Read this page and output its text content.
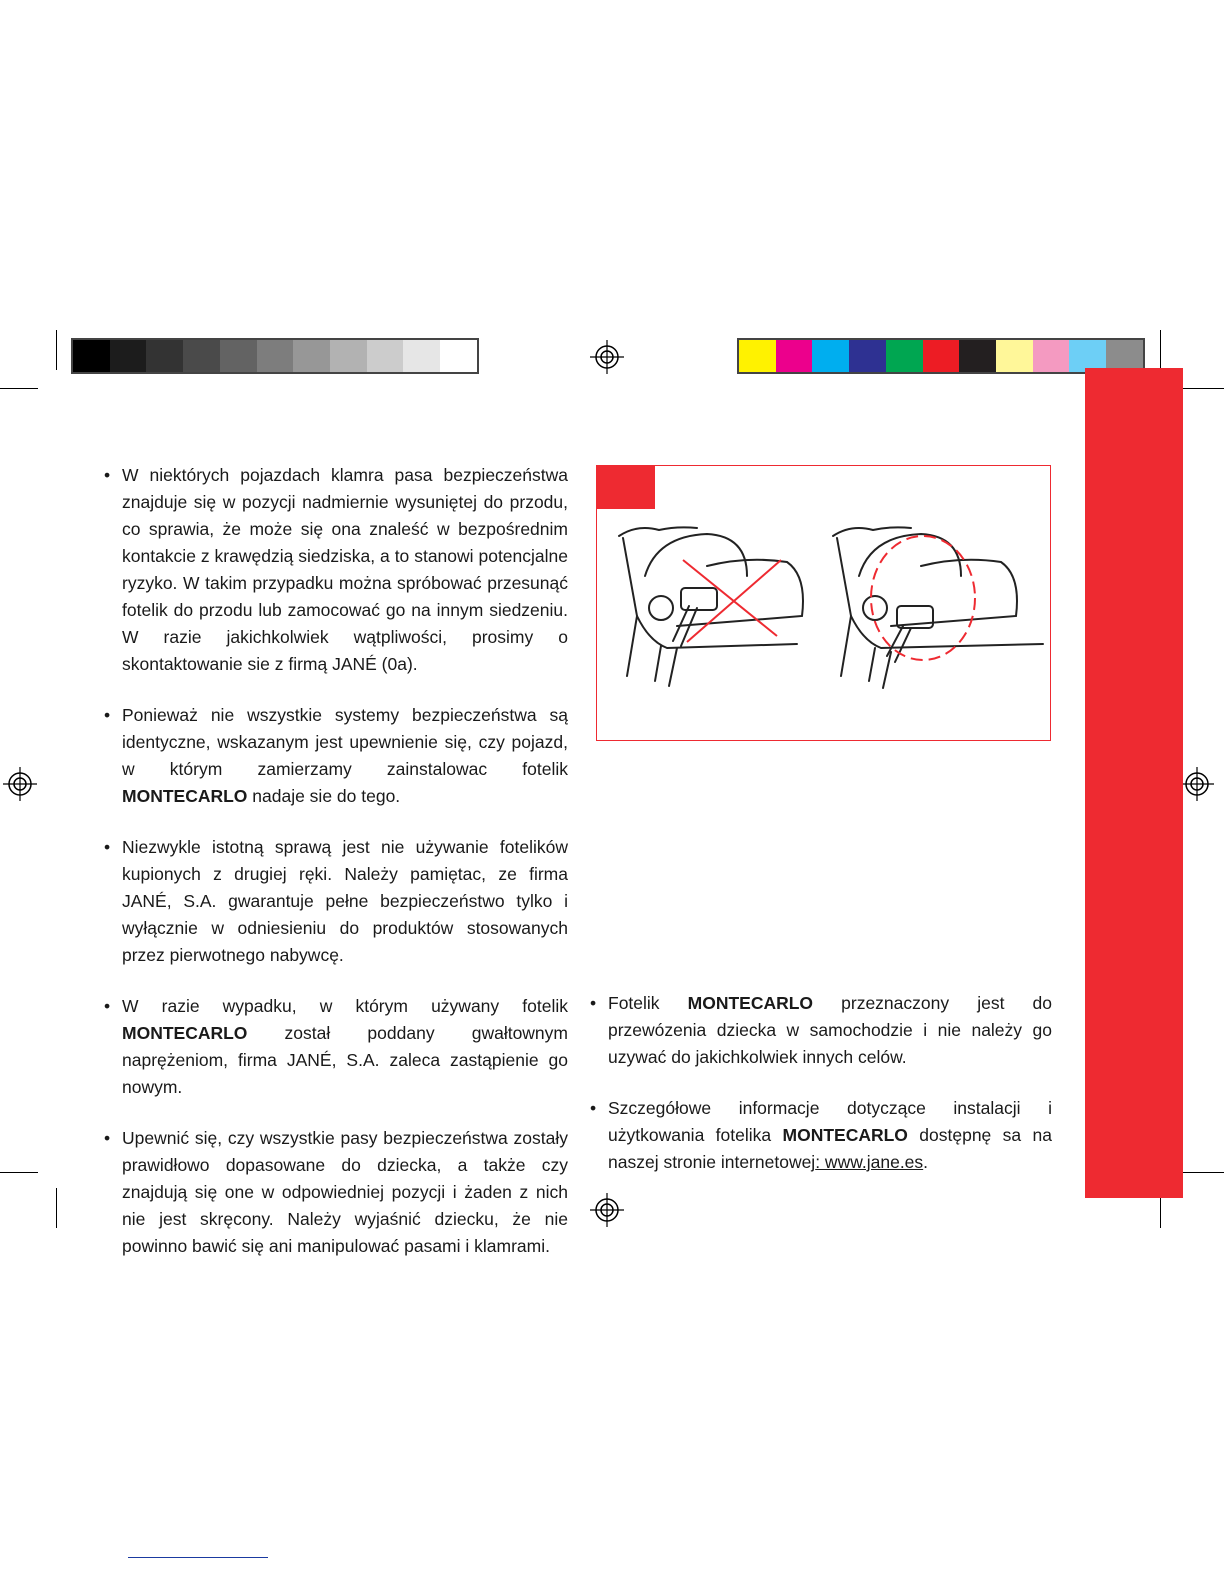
• W niektórych pojazdach klamra pasa bezpieczeństwa znajduje się w pozycji nadmiernie wysuniętej do przodu, co sprawia, że może się ona znaleść w bezpośrednim kontakcie z krawędzią siedziska, a to stanowi potencjalne ryzyko. W takim przypadku można spróbować przesunąć fotelik do przodu lub zamocować go na innym siedzeniu. W razie jakichkolwiek wątpliwości, prosimy o skontaktowanie sie z firmą JANÉ (0a).

• Ponieważ nie wszystkie systemy bezpieczeństwa są identyczne, wskazanym jest upewnienie się, czy pojazd, w którym zamierzamy zainstalowac fotelik MONTECARLO nadaje sie do tego.

• Niezwykle istotną sprawą jest nie używanie fotelików kupionych z drugiej ręki. Należy pamiętac, ze firma JANÉ, S.A. gwarantuje pełne bezpieczeństwo tylko i wyłącznie w odniesieniu do produktów stosowanych przez pierwotnego nabywcę.

• W razie wypadku, w którym używany fotelik MONTECARLO został poddany gwałtownym naprężeniom, firma JANÉ, S.A. zaleca zastąpienie go nowym.

• Upewnić się, czy wszystkie pasy bezpieczeństwa zostały prawidłowo dopasowane do dziecka, a także czy znajdują się one w odpowiedniej pozycji i żaden z nich nie jest skręcony. Należy wyjaśnić dziecku, że nie powinno bawić się ani manipulować pasami i klamrami.

• Fotelik MONTECARLO przeznaczony jest do przewózenia dziecka w samochodzie i nie należy go uzywać do jakichkolwiek innych celów.

• Szczegółowe informacje dotyczące instalacji i użytkowania fotelika MONTECARLO dostępnę sa na naszej stronie internetowej: www.jane.es.
